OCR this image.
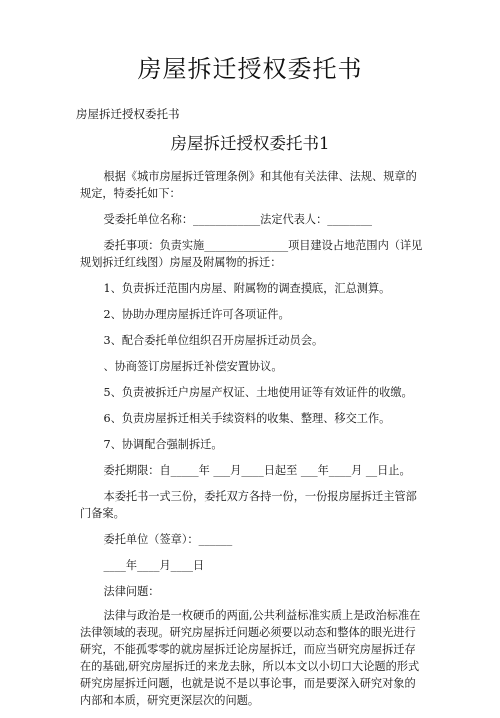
房屋拆迁授权委托书
房屋拆迁授权委托书
房屋拆迁授权委托书1

根据《城市房屋拆迁管理条例》和其他有关法律、法规、规章的规定，特委托如下：

受委托单位名称：____________法定代表人：________

委托事项：负责实施_______________项目建设占地范围内（详见规划拆迁红线图）房屋及附属物的拆迁：

1、负责拆迁范围内房屋、附属物的调查摸底，汇总测算。

2、协助办理房屋拆迁许可各项证件。

3、配合委托单位组织召开房屋拆迁动员会。

、协商签订房屋拆迁补偿安置协议。

5、负责被拆迁户房屋产权证、土地使用证等有效证件的收缴。

6、负责房屋拆迁相关手续资料的收集、整理、移交工作。

7、协调配合强制拆迁。

委托期限：自_____年 ___月____日起至 ___年____月 __日止。

本委托书一式三份，委托双方各持一份，一份报房屋拆迁主管部门备案。

委托单位（签章）：______

____年____月____日

法律问题：

法律与政治是一枚硬币的两面,公共利益标准实质上是政治标准在法律领域的表现。研究房屋拆迁问题必须要以动态和整体的眼光进行研究，不能孤零零的就房屋拆迁论房屋拆迁，而应当研究房屋拆迁存在的基础,研究房屋拆迁的来龙去脉，所以本文以小切口大论题的形式研究房屋拆迁问题，也就是说不是以事论事，而是要深入研究对象的内部和本质，研究更深层次的问题。
